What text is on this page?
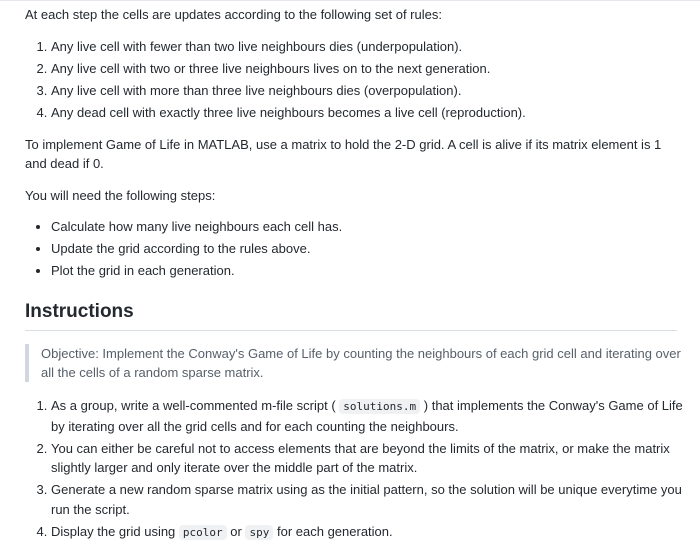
At each step the cells are updates according to the following set of rules:
1. Any live cell with fewer than two live neighbours dies (underpopulation).
2. Any live cell with two or three live neighbours lives on to the next generation.
3. Any live cell with more than three live neighbours dies (overpopulation).
4. Any dead cell with exactly three live neighbours becomes a live cell (reproduction).
To implement Game of Life in MATLAB, use a matrix to hold the 2-D grid. A cell is alive if its matrix element is 1 and dead if 0.
You will need the following steps:
• Calculate how many live neighbours each cell has.
• Update the grid according to the rules above.
• Plot the grid in each generation.
Instructions
Objective: Implement the Conway's Game of Life by counting the neighbours of each grid cell and iterating over all the cells of a random sparse matrix.
1. As a group, write a well-commented m-file script ( solutions.m ) that implements the Conway's Game of Life by iterating over all the grid cells and for each counting the neighbours.
2. You can either be careful not to access elements that are beyond the limits of the matrix, or make the matrix slightly larger and only iterate over the middle part of the matrix.
3. Generate a new random sparse matrix using as the initial pattern, so the solution will be unique everytime you run the script.
4. Display the grid using pcolor or spy for each generation.
